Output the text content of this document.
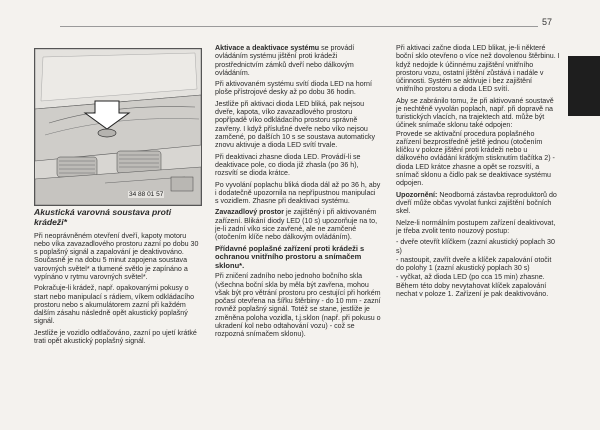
57
34 88 01 57
Akustická varovná soustava proti krádeži*

Při neoprávněném otevření dveří, kapoty motoru nebo víka zavazadlového prostoru zazní po dobu 30 s poplašný signál a zapalování je deaktivováno. Současně je na dobu 5 minut zapojena soustava varovných světel* a tlumené světlo je zapínáno a vypínáno v rytmu varovných světel*.

Pokračuje-li krádež, např. opakovanými pokusy o start nebo manipulací s rádiem, víkem odkládacího prostoru nebo s akumulátorem zazní při každém dalším zásahu následně opět akustický poplašný signál.

Jestliže je vozidlo odtlačováno, zazní po ujetí krátké trati opět akustický poplašný signál.

Aktivace a deaktivace systému se provádí ovládáním systému jištění proti krádeži prostřednictvím zámků dveří nebo dálkovým ovládáním.

Při aktivovaném systému svítí dioda LED na horní ploše přístrojové desky až po dobu 36 hodin.

Jestliže při aktivaci dioda LED bliká, pak nejsou dveře, kapota, víko zavazadlového prostoru popřípadě víko odkládacího prostoru správně zavřeny. I když příslušné dveře nebo víko nejsou zamčené, po dalších 10 s se soustava automaticky znovu aktivuje a dioda LED svítí trvale.

Při deaktivaci zhasne dioda LED. Provádí-li se deaktivace pole, co dioda již zhasla (po 36 h), rozsvítí se dioda krátce.

Po vyvolání poplachu bliká dioda dál až po 36 h, aby i dodatečně upozornila na nepřípustnou manipulaci s vozidlem. Zhasne při deaktivaci systému.

Zavazadlový prostor je zajištěný i při aktivovaném zařízení. Blikání diody LED (10 s) upozorňuje na to, je-li zadní víko sice zavřené, ale ne zamčené (otočením klíče nebo dálkovým ovládáním).

Přídavné poplašné zařízení proti krádeži s ochranou vnitřního prostoru a snímačem sklonu*.

Při zničení zadního nebo jednoho bočního skla (všechna boční skla by měla být zavřena, mohou však být pro větrání prostoru pro cestující při horkém počasí otevřena na šířku štěrbiny - do 10 mm - zazní rovněž poplašný signál. Totéž se stane, jestliže je změněna poloha vozidla, t.j.sklon (např. při pokusu o ukradení kol nebo odtahování vozu) - což se rozpozná snímačem sklonu).

Při aktivaci začne dioda LED blikat, je-li některé boční sklo otevřeno o více než dovolenou štěrbinu. I když nedojde k účinnému zajištění vnitřního prostoru vozu, ostatní jištění zůstává i nadále v účinnosti. Systém se aktivuje i bez zajištění vnitřního prostoru a dioda LED svítí.

Aby se zabránilo tomu, že při aktivované soustavě je nechtěně vyvolán poplach, např. při dopravě na turistických vlacích, na trajektech atd. může být účinek snímače sklonu také odpojen:

Provede se aktivační procedura poplašného zařízení bezprostředně ještě jednou (otočením klíčku v poloze jištění proti krádeži nebo u dálkového ovládání krátkým stisknutím tlačítka 2) - dioda LED krátce zhasne a opět se rozsvítí, a snímač sklonu a čidlo pak se deaktivace systému odpojen.

Upozornění: Neodborná zástavba reproduktorů do dveří může občas vyvolat funkci zajištění bočních skel.

Nelze-li normálním postupem zařízení deaktivovat, je třeba zvolit tento nouzový postup:

- dveře otevřít klíčkem (zazní akustický poplach 30 s)
- nastoupit, zavřít dveře a klíček zapalování otočit do polohy 1 (zazní akustický poplach 30 s)
- vyčkat, až dioda LED (po cca 15 min) zhasne. Během této doby nevytahovat klíček zapalování nechat v poloze 1. Zařízení je pak deaktivováno.
